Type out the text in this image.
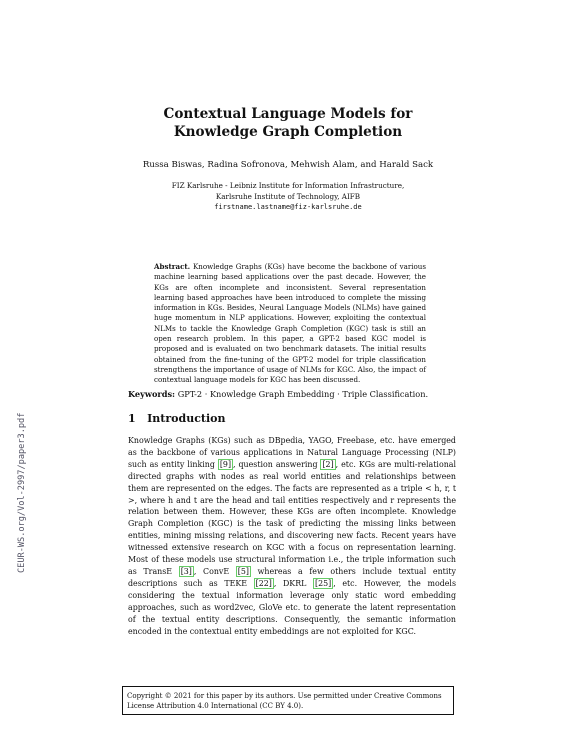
CEUR-WS.org/Vol-2997/paper3.pdf
Contextual Language Models for Knowledge Graph Completion
Russa Biswas, Radina Sofronova, Mehwish Alam, and Harald Sack
FIZ Karlsruhe - Leibniz Institute for Information Infrastructure,
Karlsruhe Institute of Technology, AIFB
firstname.lastname@fiz-karlsruhe.de
Abstract. Knowledge Graphs (KGs) have become the backbone of various machine learning based applications over the past decade. However, the KGs are often incomplete and inconsistent. Several representation learning based approaches have been introduced to complete the missing information in KGs. Besides, Neural Language Models (NLMs) have gained huge momentum in NLP applications. However, exploiting the contextual NLMs to tackle the Knowledge Graph Completion (KGC) task is still an open research problem. In this paper, a GPT-2 based KGC model is proposed and is evaluated on two benchmark datasets. The initial results obtained from the fine-tuning of the GPT-2 model for triple classification strengthens the importance of usage of NLMs for KGC. Also, the impact of contextual language models for KGC has been discussed.
Keywords: GPT-2 · Knowledge Graph Embedding · Triple Classification.
1 Introduction
Knowledge Graphs (KGs) such as DBpedia, YAGO, Freebase, etc. have emerged as the backbone of various applications in Natural Language Processing (NLP) such as entity linking [9] , question answering [2] , etc. KGs are multi-relational directed graphs with nodes as real world entities and relationships between them are represented on the edges. The facts are represented as a triple < h, r, t >, where h and t are the head and tail entities respectively and r represents the relation between them. However, these KGs are often incomplete. Knowledge Graph Completion (KGC) is the task of predicting the missing links between entities, mining missing relations, and discovering new facts. Recent years have witnessed extensive research on KGC with a focus on representation learning. Most of these models use structural information i.e., the triple information such as TransE [3] , ConvE [5] whereas a few others include textual entity descriptions such as TEKE [22] , DKRL [25] , etc. However, the models considering the textual information leverage only static word embedding approaches, such as word2vec, GloVe etc. to generate the latent representation of the textual entity descriptions. Consequently, the semantic information encoded in the contextual entity embeddings are not exploited for KGC.
Copyright © 2021 for this paper by its authors. Use permitted under Creative Commons License Attribution 4.0 International (CC BY 4.0).
